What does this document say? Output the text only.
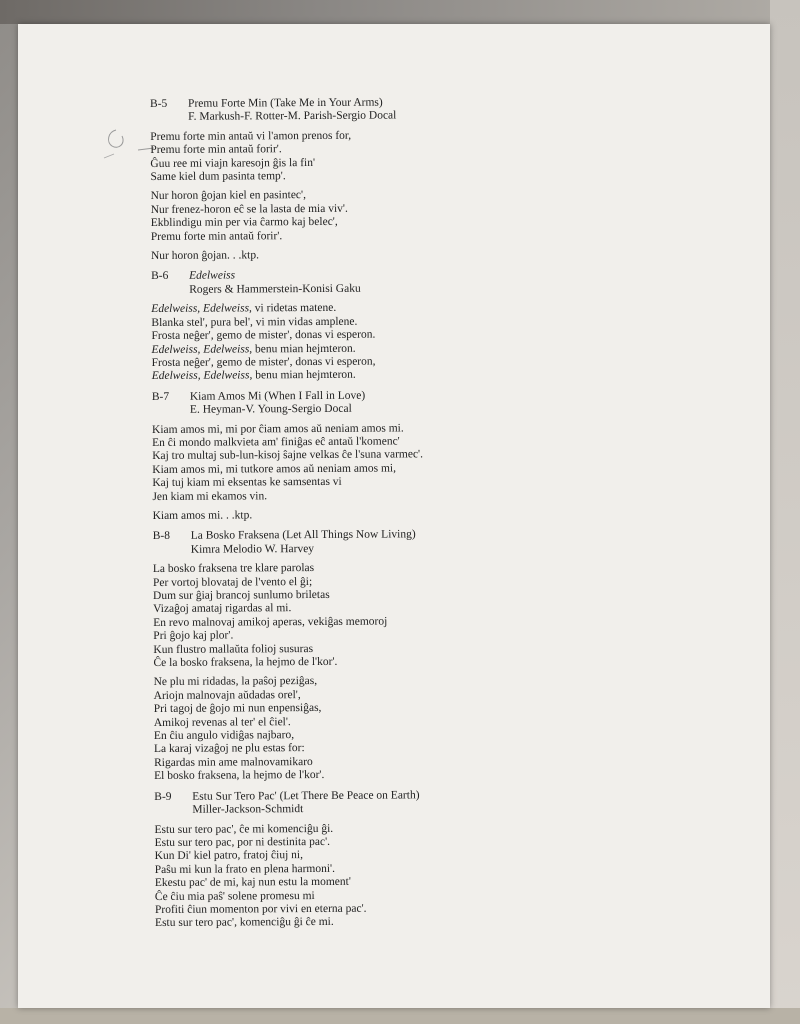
B-5	Premu Forte Min (Take Me in Your Arms)
F. Markush-F. Rotter-M. Parish-Sergio Docal
Premu forte min antaŭ vi l'amon prenos for,
Premu forte min antaŭ forir'.
Ĝuu ree mi viajn karesojn ĝis la fin'
Same kiel dum pasinta temp'.
Nur horon ĝojan kiel en pasintec',
Nur frenez-horon eĉ se la lasta de mia viv'.
Ekblindigu min per via ĉarmo kaj belec',
Premu forte min antaŭ forir'.
Nur horon ĝojan. . .ktp.
B-6	Edelweiss
Rogers & Hammerstein-Konisi Gaku
Edelweiss, Edelweiss, vi ridetas matene.
Blanka stel', pura bel', vi min vidas amplene.
Frosta neĝer', gemo de mister', donas vi esperon.
Edelweiss, Edelweiss, benu mian hejmteron.
Frosta neĝer', gemo de mister', donas vi esperon,
Edelweiss, Edelweiss, benu mian hejmteron.
B-7	Kiam Amos Mi (When I Fall in Love)
E. Heyman-V. Young-Sergio Docal
Kiam amos mi, mi por ĉiam amos aŭ neniam amos mi.
En ĉi mondo malkvieta am' finiĝas eĉ antaŭ l'komenc'
Kaj tro multaj sub-lun-kisoj ŝajne velkas ĉe l'suna varmec'.
Kiam amos mi, mi tutkore amos aŭ neniam amos mi,
Kaj tuj kiam mi eksentas ke samsentas vi
Jen kiam mi ekamos vin.
Kiam amos mi. . .ktp.
B-8	La Bosko Fraksena (Let All Things Now Living)
Kimra Melodio W. Harvey
La bosko fraksena tre klare parolas
Per vortoj blovataj de l'vento el ĝi;
Dum sur ĝiaj brancoj sunlumo briletas
Vizaĝoj amataj rigardas al mi.
En revo malnovaj amikoj aperas, vekiĝas memoroj
Pri ĝojo kaj plor'.
Kun flustro mallaŭta folioj susuras
Ĉe la bosko fraksena, la hejmo de l'kor'.
Ne plu mi ridadas, la paŝoj peziĝas,
Ariojn malnovajn aŭdadas orel',
Pri tagoj de ĝojo mi nun enpensiĝas,
Amikoj revenas al ter' el ĉiel'.
En ĉiu angulo vidiĝas najbaro,
La karaj vizaĝoj ne plu estas for:
Rigardas min ame malnovamikaro
El bosko fraksena, la hejmo de l'kor'.
B-9	Estu Sur Tero Pac' (Let There Be Peace on Earth)
Miller-Jackson-Schmidt
Estu sur tero pac', ĉe mi komenciĝu ĝi.
Estu sur tero pac, por ni destinita pac'.
Kun Di' kiel patro, fratoj ĉiuj ni,
Paŝu mi kun la frato en plena harmoni'.
Ekestu pac' de mi, kaj nun estu la moment'
Ĉe ĉiu mia paŝ' solene promesu mi
Profiti ĉiun momenton por vivi en eterna pac'.
Estu sur tero pac', komenciĝu ĝi ĉe mi.
